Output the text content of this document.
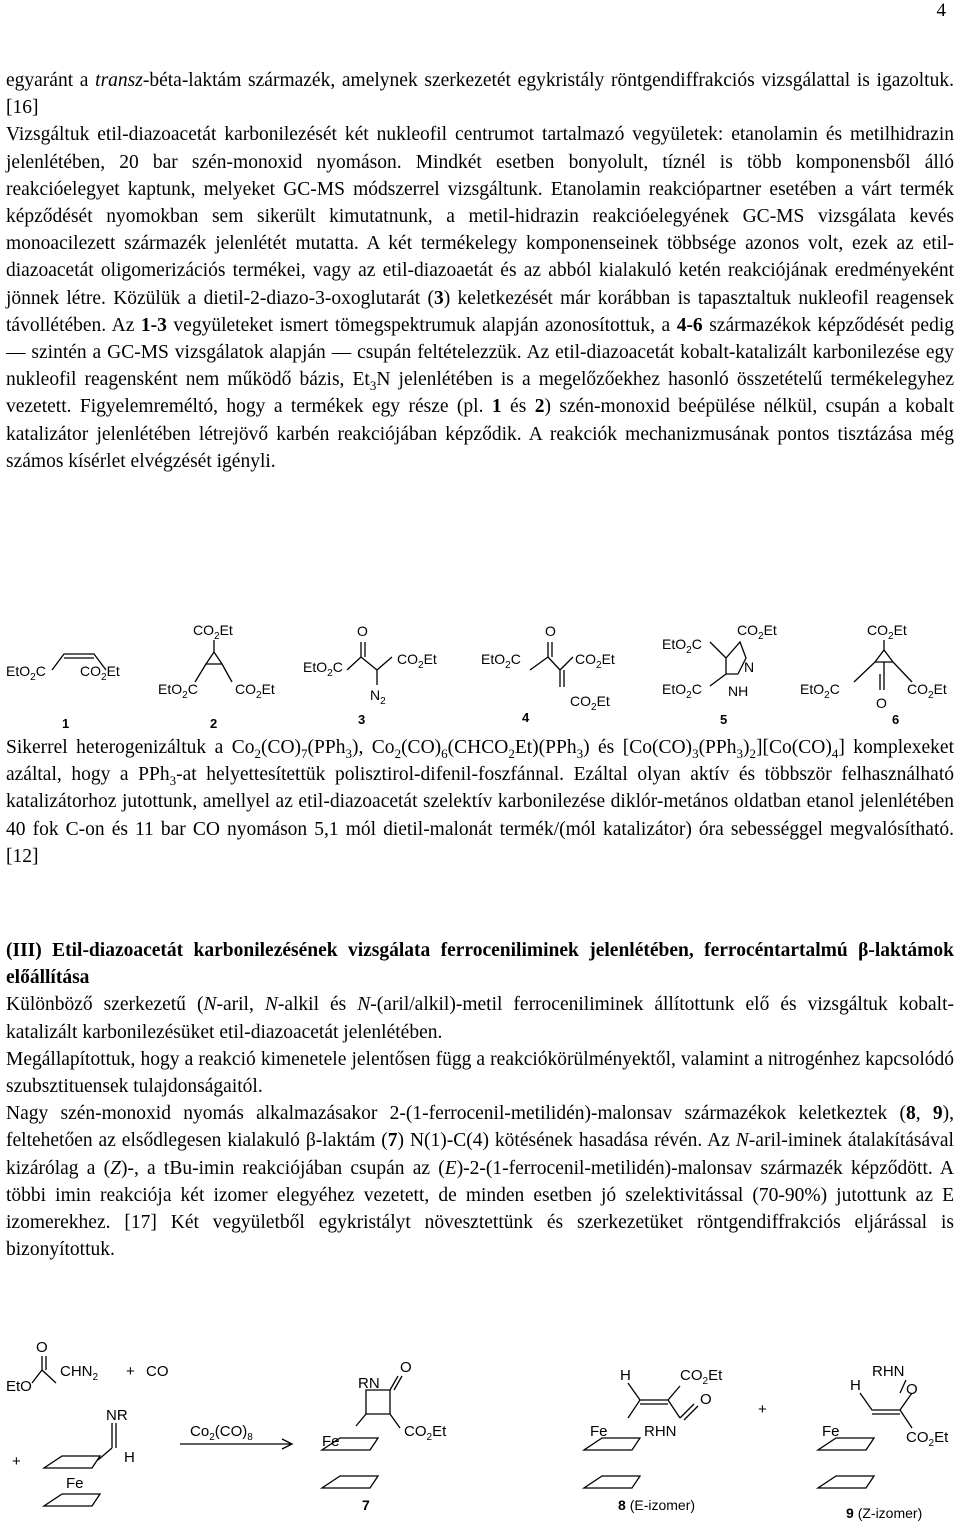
4

egyaránt a transz-béta-laktám származék, amelynek szerkezetét egykristály röntgendiffrakciós vizsgálattal is igazoltuk. [16]
Vizsgáltuk etil-diazoacetát karbonilezését két nukleofil centrumot tartalmazó vegyületek: etanolamin és metilhidrazin jelenlétében, 20 bar szén-monoxid nyomáson. Mindkét esetben bonyolult, tíznél is több komponensből álló reakcióelegyet kaptunk, melyeket GC-MS módszerrel vizsgáltunk. Etanolamin reakciópartner esetében a várt termék képződését nyomokban sem sikerült kimutatnunk, a metil-hidrazin reakcióelegyének GC-MS vizsgálata kevés monoacilezett származék jelenlétét mutatta. A két termékelegy komponenseinek többsége azonos volt, ezek az etil-diazoacetát oligomerizációs termékei, vagy az etil-diazoaetát és az abból kialakuló ketén reakciójának eredményeként jönnek létre. Közülük a dietil-2-diazo-3-oxoglutarát (3) keletkezését már korábban is tapasztaltuk nukleofil reagensek távollétében. Az 1-3 vegyületeket ismert tömegspektrumuk alapján azonosítottuk, a 4-6 származékok képződését pedig — szintén a GC-MS vizsgálatok alapján — csupán feltételezzük. Az etil-diazoacetát kobalt-katalizált karbonilezése egy nukleofil reagensként nem működő bázis, $Et_3N$ jelenlétében is a megelőzőekhez hasonló összetételű termékelegyhez vezetett. Figyelemreméltó, hogy a termékek egy része (pl. 1 és 2) szén-monoxid beépülése nélkül, csupán a kobalt katalizátor jelenlétében létrejövő karbén reakciójában képződik. A reakciók mechanizmusának pontos tisztázása még számos kísérlet elvégzését igényli.

EtO$_2$C $CO_2Et$
$CO_2Et$
EtO$_2$C	$CO_2Et$
O
EtO$_2$C	$CO_2Et$
$N_2$
O
EtO$_2$C	$CO_2Et$
$CO_2Et$
$CO_2Et$
EtO$_2$C
EtO$_2$C
N
NH
$CO_2Et$
EtO$_2$C	$CO_2Et$
O
1	2	3	4	5	6

Sikerrel heterogenizáltuk a $Co_2(CO)_7(PPh_3)$, $Co_2(CO)_6(CHCO_2Et)(PPh_3)$ és $[Co(CO)_3(PPh_3)_2][Co(CO)_4]$ komplexeket azáltal, hogy a PPh$_3$-at helyettesítettük polisztirol-difenil-foszfánnal. Ezáltal olyan aktív és többször felhasználható katalizátorhoz jutottunk, amellyel az etil-diazoacetát szelektív karbonilezése diklór-metános oldatban etanol jelenlétében 40 fok C-on és 11 bar CO nyomáson 5,1 mól dietil-malonát termék/(mól katalizátor) óra sebességgel megvalósítható. [12]

(III) Etil-diazoacetát karbonilezésének vizsgálata ferroceniliminek jelenlétében, ferrocéntartalmú β-laktámok előállítása

Különböző szerkezetű (N-aril, N-alkil és N-(aril/alkil)-metil ferroceniliminek állítottunk elő és vizsgáltuk kobalt-katalizált karbonilezésüket etil-diazoacetát jelenlétében.
Megállapítottuk, hogy a reakció kimenetele jelentősen függ a reakciókörülményektől, valamint a nitrogénhez kapcsolódó szubsztituensek tulajdonságaitól.
Nagy szén-monoxid nyomás alkalmazásakor 2-(1-ferrocenil-metilidén)-malonsav származékok keletkeztek (8, 9), feltehetően az elsődlegesen kialakuló β-laktám (7) N(1)-C(4) kötésének hasadása révén. Az N-aril-iminek átalakításával kizárólag a (Z)-, a tBu-imin reakciójában csupán az (E)-2-(1-ferrocenil-metilidén)-malonsav származék képződött. A többi imin reakciója két izomer elegyéhez vezetett, de minden esetben jó szelektivitással (70-90%) jutottunk az E izomerekhez. [17] Két vegyületből egykristályt növesztettünk és szerkezetüket röntgendiffrakciós eljárással is bizonyítottuk.

O
EtO
$CHN_2$ + CO
NR
H
+
Fe
$Co_2(CO)_8$
RN
O
$CO_2Et$
Fe
H	$CO_2Et$
O
RHN
Fe
+
RHN
H	O
$CO_2Et$
Fe
7	8 (E-izomer)	9 (Z-izomer)
